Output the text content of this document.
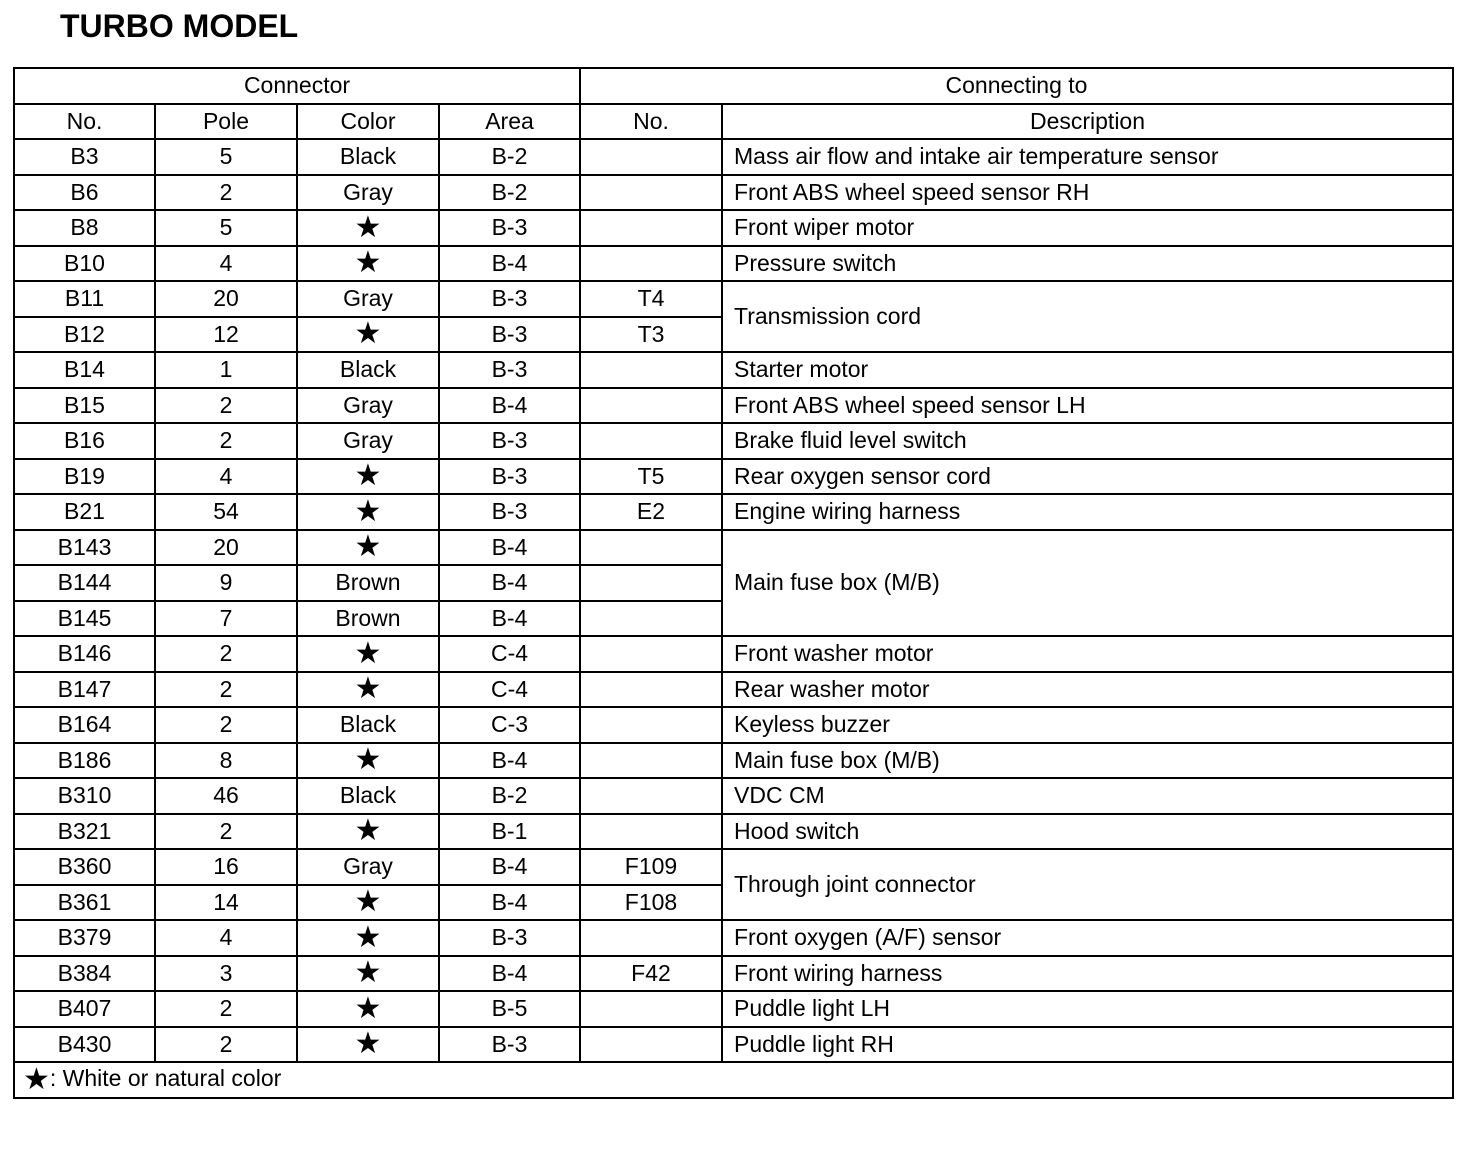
TURBO MODEL
Connector				Connecting to	
No.	Pole	Color	Area	No.	Description
B3	5	Black	B-2		Mass air flow and intake air temperature sensor
B6	2	Gray	B-2		Front ABS wheel speed sensor RH
B8	5	★	B-3		Front wiper motor
B10	4	★	B-4		Pressure switch
B11	20	Gray	B-3	T4	Transmission cord
B12	12	★	B-3	T3	
B14	1	Black	B-3		Starter motor
B15	2	Gray	B-4		Front ABS wheel speed sensor LH
B16	2	Gray	B-3		Brake fluid level switch
B19	4	★	B-3	T5	Rear oxygen sensor cord
B21	54	★	B-3	E2	Engine wiring harness
B143	20	★	B-4		Main fuse box (M/B)
B144	9	Brown	B-4		
B145	7	Brown	B-4		
B146	2	★	C-4		Front washer motor
B147	2	★	C-4		Rear washer motor
B164	2	Black	C-3		Keyless buzzer
B186	8	★	B-4		Main fuse box (M/B)
B310	46	Black	B-2		VDC CM
B321	2	★	B-1		Hood switch
B360	16	Gray	B-4	F109	Through joint connector
B361	14	★	B-4	F108	
B379	4	★	B-3		Front oxygen (A/F) sensor
B384	3	★	B-4	F42	Front wiring harness
B407	2	★	B-5		Puddle light LH
B430	2	★	B-3		Puddle light RH
★: White or natural color					
